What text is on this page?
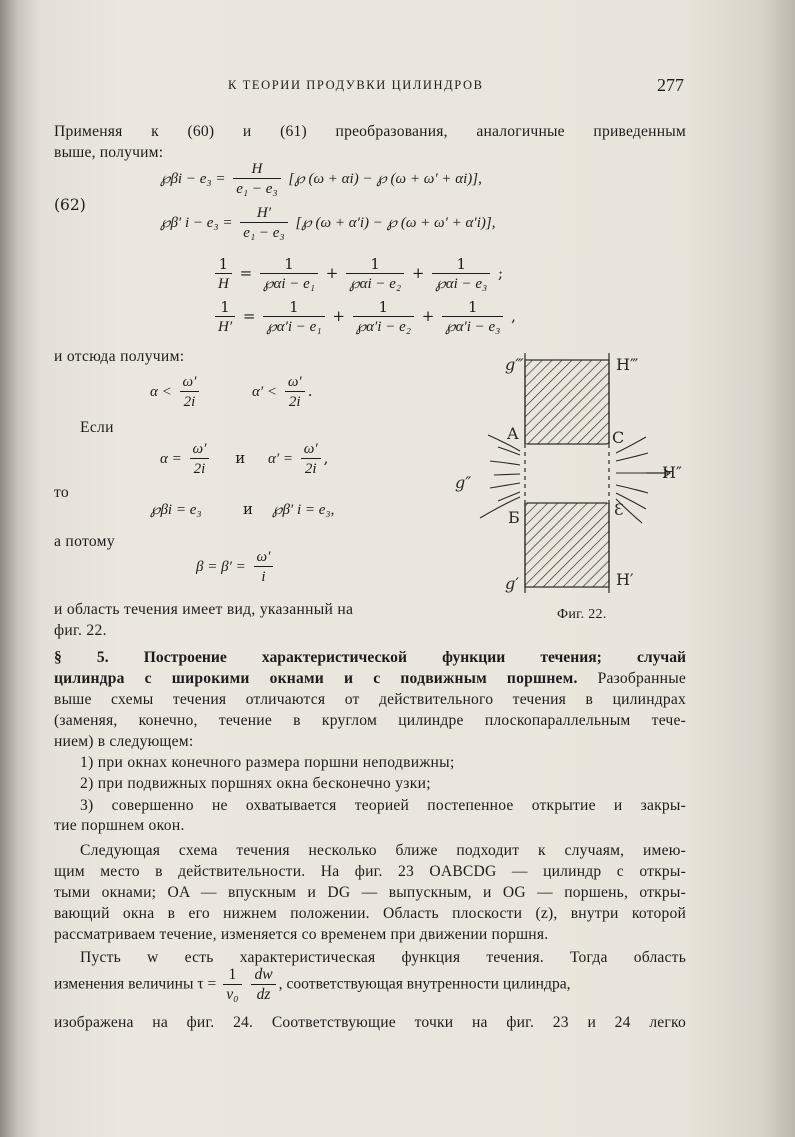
К ТЕОРИИ ПРОДУВКИ ЦИЛИНДРОВ	277
Применяя к (60) и (61) преобразования, аналогичные приведенным
выше, получим:
(62)
℘βi − $e_3 = \frac{H}{\text{e₁ − e₃}}$ [℘ (ω + αi) − ℘ (ω + ω′ + αi)],
℘β′ $i - e_3 = \frac{H'}{\text{e₁ − e₃}}$ [℘ (ω + α′i) − ℘ (ω + ω′ + α′i)],
$\frac{1}{H} = \frac{1}{\text{℘αi − e₁}} + \frac{1}{\text{℘αi − e₂}} + \frac{1}{\text{℘αi − e₃}}$ ;
$\frac{1}{H'} = \frac{1}{\text{℘α′i − e₁}} + \frac{1}{\text{℘α′i − e₂}} + \frac{1}{\text{℘α′i − e₃}}$ ,
и отсюда получим:
$\alpha < \frac{\omega'}{2i}$	$\alpha' < \frac{\omega'}{2i}$ .
Если
$\alpha = \frac{\omega'}{2i}$ и $\alpha' = \frac{\omega'}{2i}$ ,
то
℘βi = e₃	и ℘β′ i = e₃,
а потому
$\beta = \beta' = \frac{\omega'}{i}$
и область течения имеет вид, указанный на
фиг. 22.
g‴	H‴
A	C
g″
H″
Б	Ɛ
g′	H′
Фиг. 22.
§ 5. Построение характеристической функции течения; случай
цилиндра с широкими окнами и с подвижным поршнем. Разобранные
выше схемы течения отличаются от действительного течения в цилиндрах
(заменяя, конечно, течение в круглом цилиндре плоскопараллельным тече-
нием) в следующем:
1) при окнах конечного размера поршни неподвижны;
2) при подвижных поршнях окна бесконечно узки;
3) совершенно не охватывается теорией постепенное открытие и закры-
тие поршнем окон.
Следующая схема течения несколько ближе подходит к случаям, имею-
щим место в действительности. На фиг. 23 OABCDG — цилиндр с откры-
тыми окнами; OA — впускным и DG — выпускным, и OG — поршень, откры-
вающий окна в его нижнем положении. Область плоскости (z), внутри которой
рассматриваем течение, изменяется со временем при движении поршня.
Пусть w есть характеристическая функция течения. Тогда область
изменения величины $\tau = \frac{1}{\text{v₀}}$
$\frac{dw}{dz}$ , соответствующая внутренности цилиндра,
изображена на фиг. 24. Соответствующие точки на фиг. 23 и 24 легко
